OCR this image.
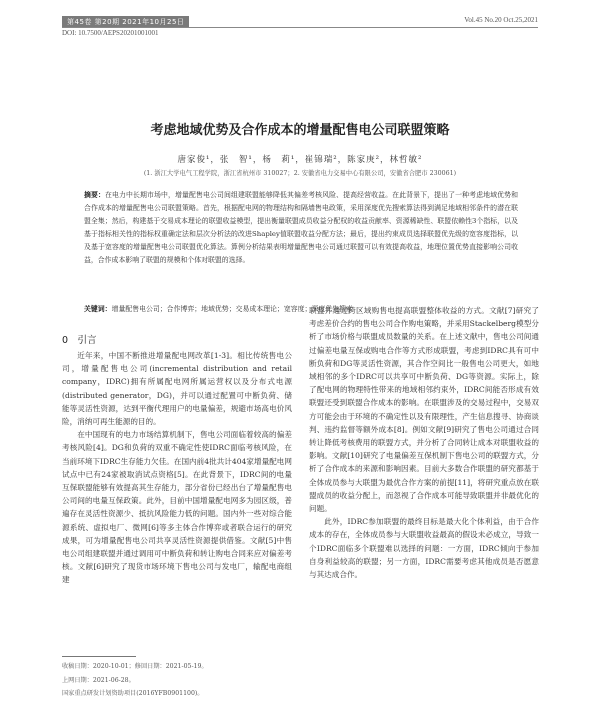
第45卷 第20期 2021年10月25日	Vol.45 No.20 Oct.25,2021
DOI: 10.7500/AEPS20201001001
考虑地域优势及合作成本的增量配售电公司联盟策略
唐家俊¹，张　智¹，杨　莉¹，崔锦瑞²，陈家庚²，林哲敏²
(1. 浙江大学电气工程学院，浙江省杭州市 310027；2. 安徽省电力交易中心有限公司，安徽省合肥市 230061)
摘要：在电力中长期市场中，增量配售电公司间组建联盟能够降低其偏差考核风险、提高经营收益。在此背景下，提出了一种考虑地域优势和合作成本的增量配售电公司联盟策略。首先，根据配电网的物理结构和隔墙售电政策，采用深度优先搜索算法得到满足地域相邻条件的潜在联盟全集；然后，构建基于交易成本理论的联盟收益模型，提出衡量联盟成员收益分配权的收益贡献率、资源稀缺性、联盟依赖性3个指标，以及基于指标相关性的指标权重确定法和层次分析法的改进Shapley值联盟收益分配方法；最后，提出约束成员选择联盟优先级的宽容度指标，以及基于宽容度的增量配售电公司联盟优化算法。算例分析结果表明增量配售电公司通过联盟可以有效提高收益，地理位置优势直接影响公司收益，合作成本影响了联盟的规模和个体对联盟的选择。
关键词：增量配售电公司；合作博弈；地域优势；交易成本理论；宽容度；深度优先搜索
0　引言

近年来，中国不断推进增量配电网改革[1-3]。相比传统售电公司，增量配售电公司(incremental distribution and retail company，IDRC)拥有所属配电网所属运营权以及分布式电源(distributed generator，DG)，并可以通过配置可中断负荷、储能等灵活性资源，达到平衡代理用户的电量偏差，规避市场高电价风险，消纳可再生能源的目的。

在中国现有的电力市场结算机制下，售电公司面临着较高的偏差考核风险[4]。DG和负荷的双重不确定性使IDRC面临考核风险，在当前环境下IDRC生存能力欠佳。在国内前4批共计404家增量配电网试点中已有24家被取消试点资格[5]。在此背景下，IDRC间的电量互保联盟能够有效提高其生存能力，部分省份已经出台了增量配售电公司间的电量互保政策。此外，目前中国增量配电网多为园区级，普遍存在灵活性资源少、抵抗风险能力低的问题。国内外一些对综合能源系统、虚拟电厂、微网[6]等多主体合作博弈或者联合运行的研究成果，可为增量配售电公司共享灵活性资源提供借鉴。文献[5]中售电公司组建联盟并通过调用可中断负荷和转让购电合同来应对偏差考核。文献[6]研究了现货市场环境下售电公司与发电厂，输配电商组建

联盟并通过跨区域购售电提高联盟整体收益的方式。文献[7]研究了考虑差价合约的售电公司合作购电策略，并采用Stackelberg模型分析了市场价格与联盟成员数量的关系。在上述文献中，售电公司间通过偏差电量互保或购电合作等方式形成联盟，考虑到IDRC具有可中断负荷和DG等灵活性资源，其合作空间比一般售电公司更大，如地域相邻的多个IDRC可以共享可中断负荷、DG等资源。实际上，除了配电网的物理特性带来的地域相邻约束外，IDRC间能否形成有效联盟还受到联盟合作成本的影响。在联盟涉及的交易过程中，交易双方可能会由于环境的不确定性以及有限理性，产生信息搜寻、协商谈判、违约监督等额外成本[8]。例如文献[9]研究了售电公司通过合同转让降低考核费用的联盟方式，并分析了合同转让成本对联盟收益的影响。文献[10]研究了电量偏差互保机制下售电公司的联盟方式，分析了合作成本的来源和影响因素。目前大多数合作联盟的研究都基于全体成员参与大联盟为最优合作方案的前提[11]，将研究重点放在联盟成员的收益分配上，而忽视了合作成本可能导致联盟并非最优化的问题。

此外，IDRC参加联盟的最终目标是最大化个体利益，由于合作成本的存在，全体成员参与大联盟收益最高的假设未必成立，导致一个IDRC面临多个联盟难以选择的问题：一方面，IDRC倾向于参加自身利益较高的联盟；另一方面，IDRC需要考虑其他成员是否愿意与其达成合作。

收稿日期：2020-10-01；修回日期：2021-05-19。
上网日期：2021-06-28。
国家重点研发计划资助项目(2016YFB0901100)。
